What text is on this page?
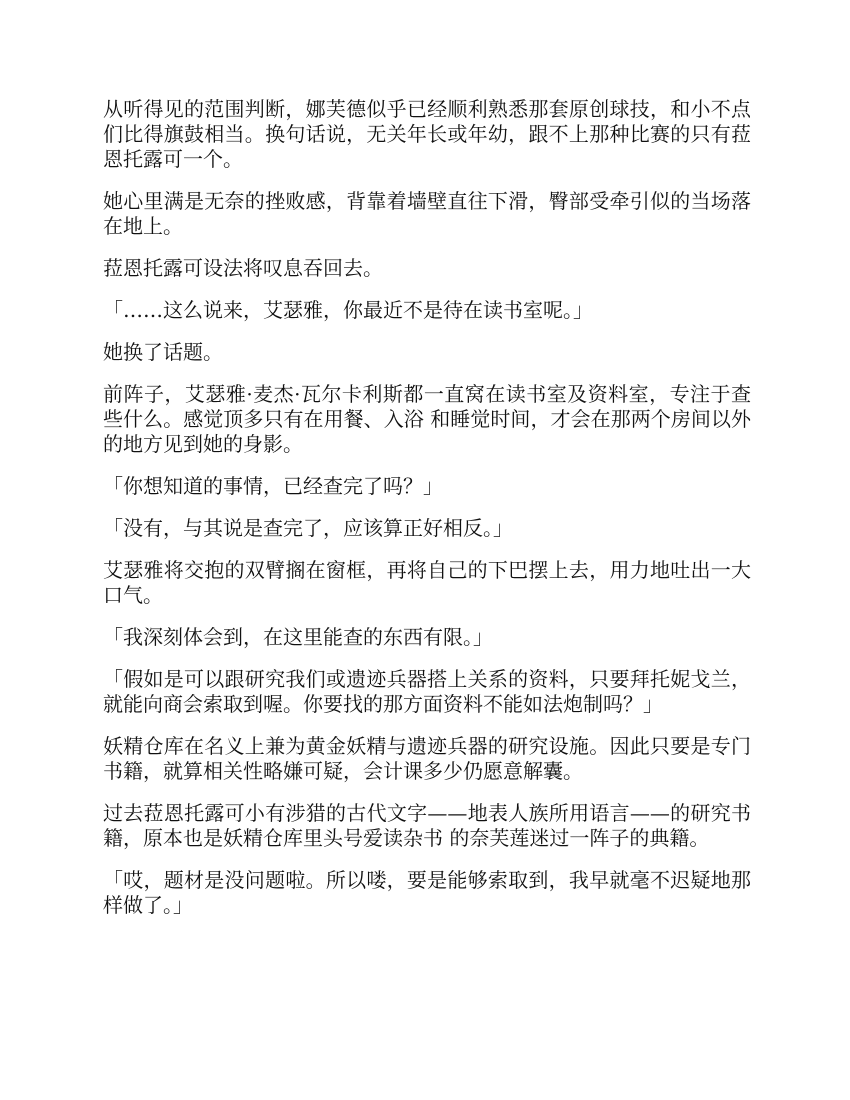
从听得见的范围判断，娜芙德似乎已经顺利熟悉那套原创球技，和小不点们比得旗鼓相当。换句话说，无关年长或年幼，跟不上那种比赛的只有菈恩托露可一个。

她心里满是无奈的挫败感，背靠着墙壁直往下滑，臀部受牵引似的当场落在地上。

菈恩托露可设法将叹息吞回去。

「……这么说来，艾瑟雅，你最近不是待在读书室呢。」

她换了话题。

前阵子，艾瑟雅·麦杰·瓦尔卡利斯都一直窝在读书室及资料室，专注于查些什么。感觉顶多只有在用餐、入浴 和睡觉时间，才会在那两个房间以外的地方见到她的身影。

「你想知道的事情，已经查完了吗？」

「没有，与其说是查完了，应该算正好相反。」

艾瑟雅将交抱的双臂搁在窗框，再将自己的下巴摆上去，用力地吐出一大口气。

「我深刻体会到，在这里能查的东西有限。」

「假如是可以跟研究我们或遗迹兵器搭上关系的资料，只要拜托妮戈兰，就能向商会索取到喔。你要找的那方面资料不能如法炮制吗？」

妖精仓库在名义上兼为黄金妖精与遗迹兵器的研究设施。因此只要是专门书籍，就算相关性略嫌可疑，会计课多少仍愿意解囊。

过去菈恩托露可小有涉猎的古代文字——地表人族所用语言——的研究书籍，原本也是妖精仓库里头号爱读杂书 的奈芙莲迷过一阵子的典籍。

「哎，题材是没问题啦。所以喽，要是能够索取到，我早就毫不迟疑地那样做了。」
